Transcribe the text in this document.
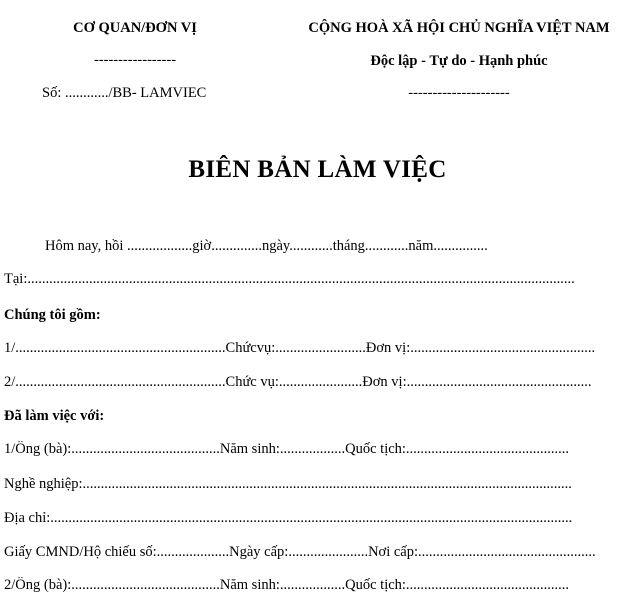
CƠ QUAN/ĐƠN VỊ
-----------------
Số: ............/BB- LAMVIEC
CỘNG HOÀ XÃ HỘI CHỦ NGHĨA VIỆT NAM
Độc lập - Tự do - Hạnh phúc
---------------------
BIÊN BẢN LÀM VIỆC
Hôm nay, hồi ..................giờ..............ngày............tháng............năm...............
Tại:.......................................................................................................................................................
Chúng tôi gồm:
1/..........................................................Chứcvụ:.........................Đơn vị:...................................................
2/..........................................................Chức vụ:.......................Đơn vị:...................................................
Đã làm việc với:
1/Ông (bà):.........................................Năm sinh:..................Quốc tịch:.............................................
Nghề nghiệp:.......................................................................................................................................
Địa chỉ:................................................................................................................................................
Giấy CMND/Hộ chiếu số:....................Ngày cấp:......................Nơi cấp:.................................................
2/Ông (bà):.........................................Năm sinh:..................Quốc tịch:.............................................
